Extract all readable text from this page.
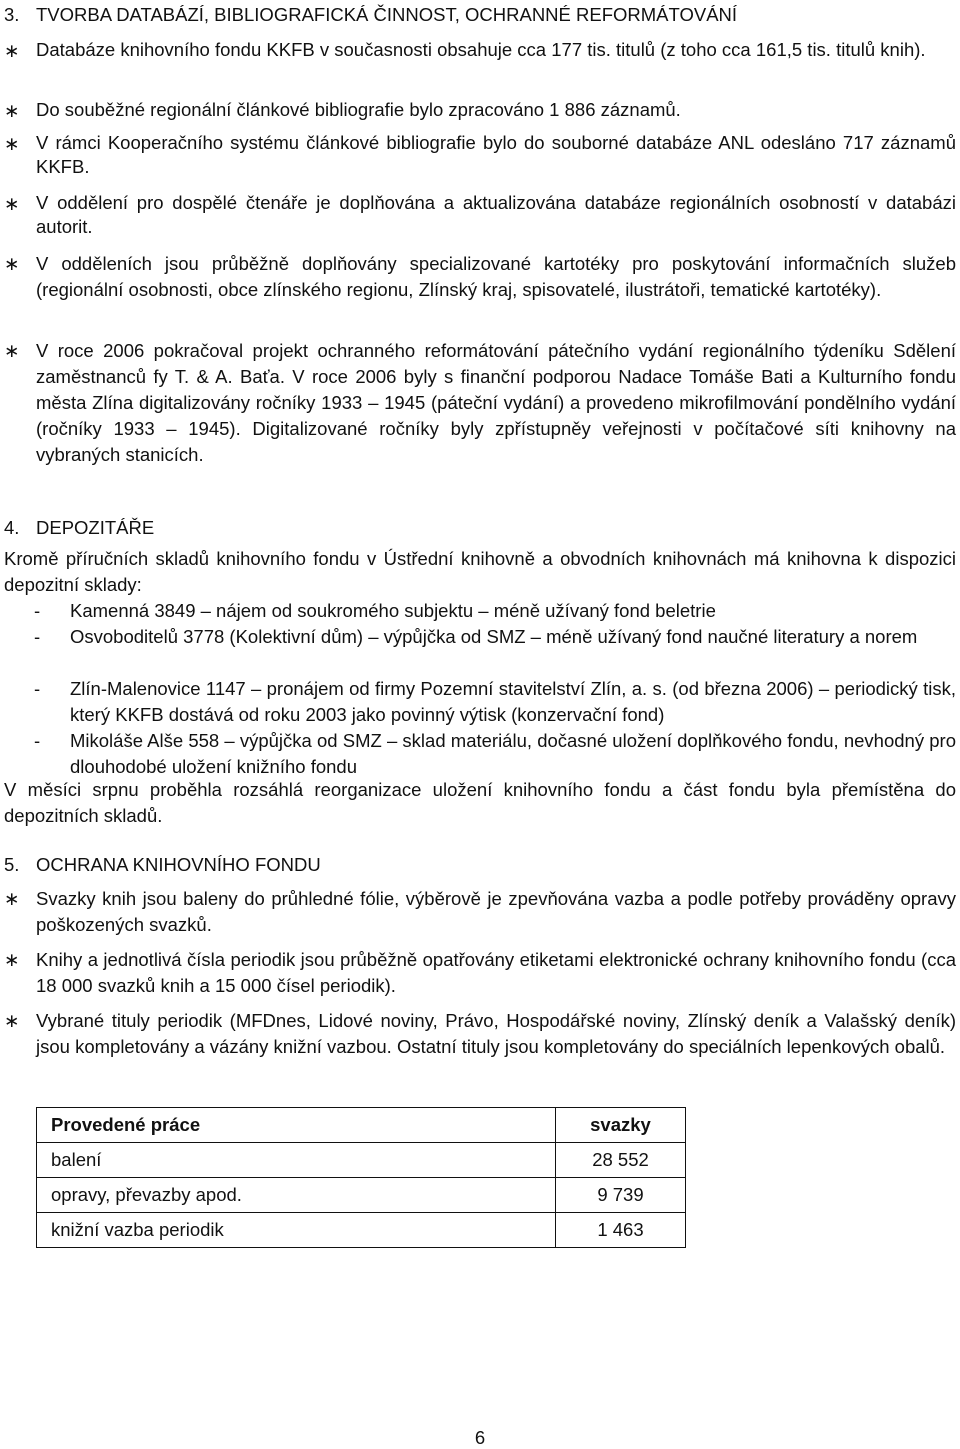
3. TVORBA DATABÁZÍ, BIBLIOGRAFICKÁ ČINNOST, OCHRANNÉ REFORMÁTOVÁNÍ
∗ Databáze knihovního fondu KKFB v současnosti obsahuje cca 177 tis. titulů (z toho cca 161,5 tis. titulů knih).
∗ Do souběžné regionální článkové bibliografie bylo zpracováno 1 886 záznamů.
∗ V rámci Kooperačního systému článkové bibliografie bylo do souborné databáze ANL odesláno 717 záznamů KKFB.
∗ V oddělení pro dospělé čtenáře je doplňována a aktualizována databáze regionálních osobností v databázi autorit.
∗ V odděleních jsou průběžně doplňovány specializované kartotéky pro poskytování informačních služeb (regionální osobnosti, obce zlínského regionu, Zlínský kraj, spisovatelé, ilustrátoři, tematické kartotéky).
∗ V roce 2006 pokračoval projekt ochranného reformátování pátečního vydání regionálního týdeníku Sdělení zaměstnanců fy T. & A. Baťa. V roce 2006 byly s finanční podporou Nadace Tomáše Bati a Kulturního fondu města Zlína digitalizovány ročníky 1933 – 1945 (páteční vydání) a provedeno mikrofilmování pondělního vydání (ročníky 1933 – 1945). Digitalizované ročníky byly zpřístupněy veřejnosti v počítačové síti knihovny na vybraných stanicích.
4. DEPOZITÁŘE
Kromě příručních skladů knihovního fondu v Ústřední knihovně a obvodních knihovnách má knihovna k dispozici depozitní sklady:
- Kamenná 3849 – nájem od soukromého subjektu – méně užívaný fond beletrie
- Osvoboditelů 3778 (Kolektivní dům) – výpůjčka od SMZ – méně užívaný fond naučné literatury a norem
- Zlín-Malenovice 1147 – pronájem od firmy Pozemní stavitelství Zlín, a. s. (od března 2006) – periodický tisk, který KKFB dostává od roku 2003 jako povinný výtisk (konzervační fond)
- Mikoláše Alše 558 – výpůjčka od SMZ – sklad materiálu, dočasné uložení doplňkového fondu, nevhodný pro dlouhodobé uložení knižního fondu
V měsíci srpnu proběhla rozsáhlá reorganizace uložení knihovního fondu a část fondu byla přemístěna do depozitních skladů.
5. OCHRANA KNIHOVNÍHO FONDU
∗ Svazky knih jsou baleny do průhledné fólie, výběrově je zpevňována vazba a podle potřeby prováděny opravy poškozených svazků.
∗ Knihy a jednotlivá čísla periodik jsou průběžně opatřovány etiketami elektronické ochrany knihovního fondu (cca 18 000 svazků knih a 15 000 čísel periodik).
∗ Vybrané tituly periodik (MFDnes, Lidové noviny, Právo, Hospodářské noviny, Zlínský deník a Valašský deník) jsou kompletovány a vázány knižní vazbou. Ostatní tituly jsou kompletovány do speciálních lepenkových obalů.
Provedené práce	svazky
balení	28 552
opravy, převazby apod.	9 739
knižní vazba periodik	1 463
6
